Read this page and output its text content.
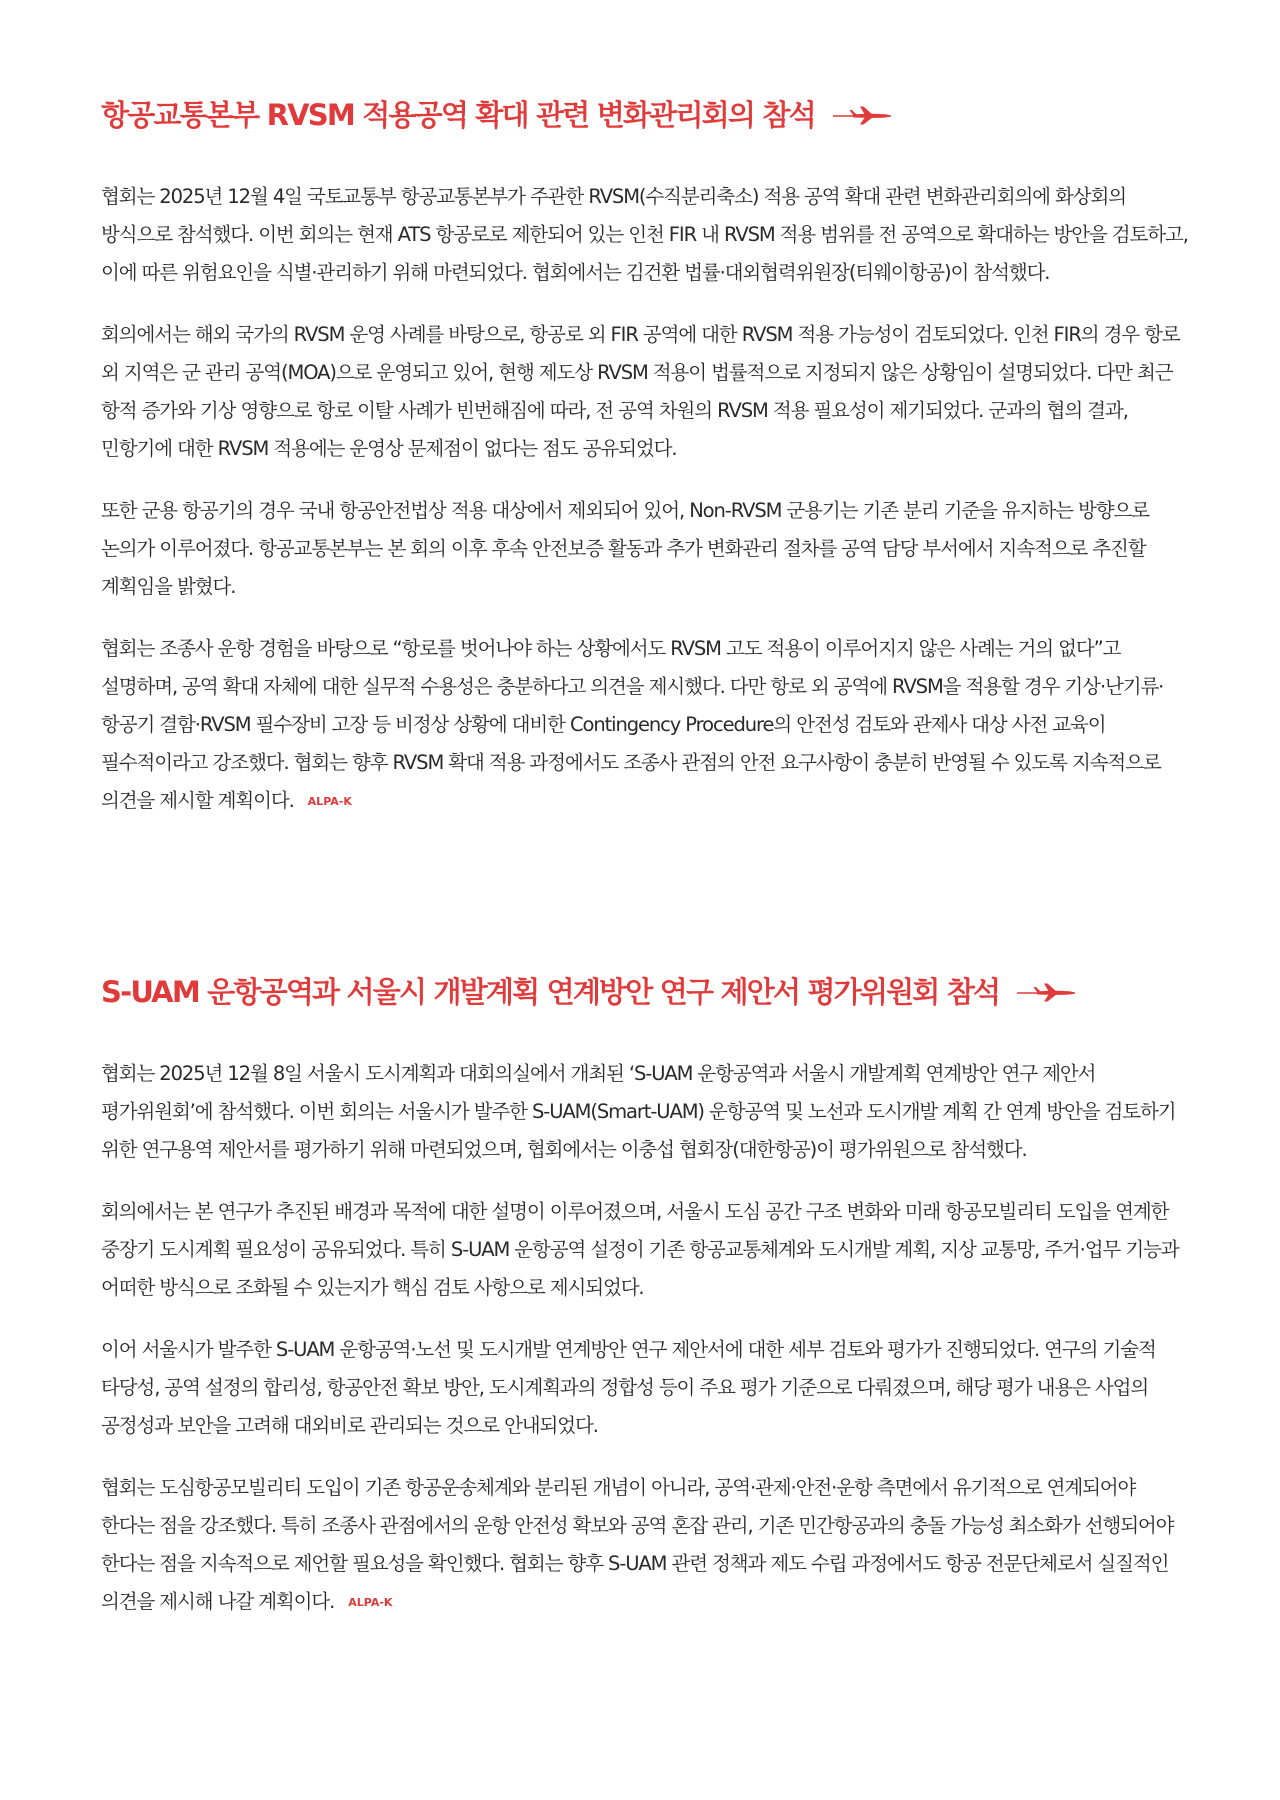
항공교통본부 RVSM 적용공역 확대 관련 변화관리회의 참석

협회는 2025년 12월 4일 국토교통부 항공교통본부가 주관한 RVSM(수직분리축소) 적용 공역 확대 관련 변화관리회의에 화상회의 방식으로 참석했다. 이번 회의는 현재 ATS 항공로로 제한되어 있는 인천 FIR 내 RVSM 적용 범위를 전 공역으로 확대하는 방안을 검토하고, 이에 따른 위험요인을 식별·관리하기 위해 마련되었다. 협회에서는 김건환 법률·대외협력위원장(티웨이항공)이 참석했다.

회의에서는 해외 국가의 RVSM 운영 사례를 바탕으로, 항공로 외 FIR 공역에 대한 RVSM 적용 가능성이 검토되었다. 인천 FIR의 경우 항로 외 지역은 군 관리 공역(MOA)으로 운영되고 있어, 현행 제도상 RVSM 적용이 법률적으로 지정되지 않은 상황임이 설명되었다. 다만 최근 항적 증가와 기상 영향으로 항로 이탈 사례가 빈번해짐에 따라, 전 공역 차원의 RVSM 적용 필요성이 제기되었다. 군과의 협의 결과, 민항기에 대한 RVSM 적용에는 운영상 문제점이 없다는 점도 공유되었다.

또한 군용 항공기의 경우 국내 항공안전법상 적용 대상에서 제외되어 있어, Non-RVSM 군용기는 기존 분리 기준을 유지하는 방향으로 논의가 이루어졌다. 항공교통본부는 본 회의 이후 후속 안전보증 활동과 추가 변화관리 절차를 공역 담당 부서에서 지속적으로 추진할 계획임을 밝혔다.

협회는 조종사 운항 경험을 바탕으로 “항로를 벗어나야 하는 상황에서도 RVSM 고도 적용이 이루어지지 않은 사례는 거의 없다”고 설명하며, 공역 확대 자체에 대한 실무적 수용성은 충분하다고 의견을 제시했다. 다만 항로 외 공역에 RVSM을 적용할 경우 기상·난기류·항공기 결함·RVSM 필수장비 고장 등 비정상 상황에 대비한 Contingency Procedure의 안전성 검토와 관제사 대상 사전 교육이 필수적이라고 강조했다. 협회는 향후 RVSM 확대 적용 과정에서도 조종사 관점의 안전 요구사항이 충분히 반영될 수 있도록 지속적으로 의견을 제시할 계획이다. ALPA-K

S-UAM 운항공역과 서울시 개발계획 연계방안 연구 제안서 평가위원회 참석

협회는 2025년 12월 8일 서울시 도시계획과 대회의실에서 개최된 ‘S-UAM 운항공역과 서울시 개발계획 연계방안 연구 제안서 평가위원회’에 참석했다. 이번 회의는 서울시가 발주한 S-UAM(Smart-UAM) 운항공역 및 노선과 도시개발 계획 간 연계 방안을 검토하기 위한 연구용역 제안서를 평가하기 위해 마련되었으며, 협회에서는 이충섭 협회장(대한항공)이 평가위원으로 참석했다.

회의에서는 본 연구가 추진된 배경과 목적에 대한 설명이 이루어졌으며, 서울시 도심 공간 구조 변화와 미래 항공모빌리티 도입을 연계한 중장기 도시계획 필요성이 공유되었다. 특히 S-UAM 운항공역 설정이 기존 항공교통체계와 도시개발 계획, 지상 교통망, 주거·업무 기능과 어떠한 방식으로 조화될 수 있는지가 핵심 검토 사항으로 제시되었다.

이어 서울시가 발주한 S-UAM 운항공역·노선 및 도시개발 연계방안 연구 제안서에 대한 세부 검토와 평가가 진행되었다. 연구의 기술적 타당성, 공역 설정의 합리성, 항공안전 확보 방안, 도시계획과의 정합성 등이 주요 평가 기준으로 다뤄졌으며, 해당 평가 내용은 사업의 공정성과 보안을 고려해 대외비로 관리되는 것으로 안내되었다.

협회는 도심항공모빌리티 도입이 기존 항공운송체계와 분리된 개념이 아니라, 공역·관제·안전·운항 측면에서 유기적으로 연계되어야 한다는 점을 강조했다. 특히 조종사 관점에서의 운항 안전성 확보와 공역 혼잡 관리, 기존 민간항공과의 충돌 가능성 최소화가 선행되어야 한다는 점을 지속적으로 제언할 필요성을 확인했다. 협회는 향후 S-UAM 관련 정책과 제도 수립 과정에서도 항공 전문단체로서 실질적인 의견을 제시해 나갈 계획이다. ALPA-K
